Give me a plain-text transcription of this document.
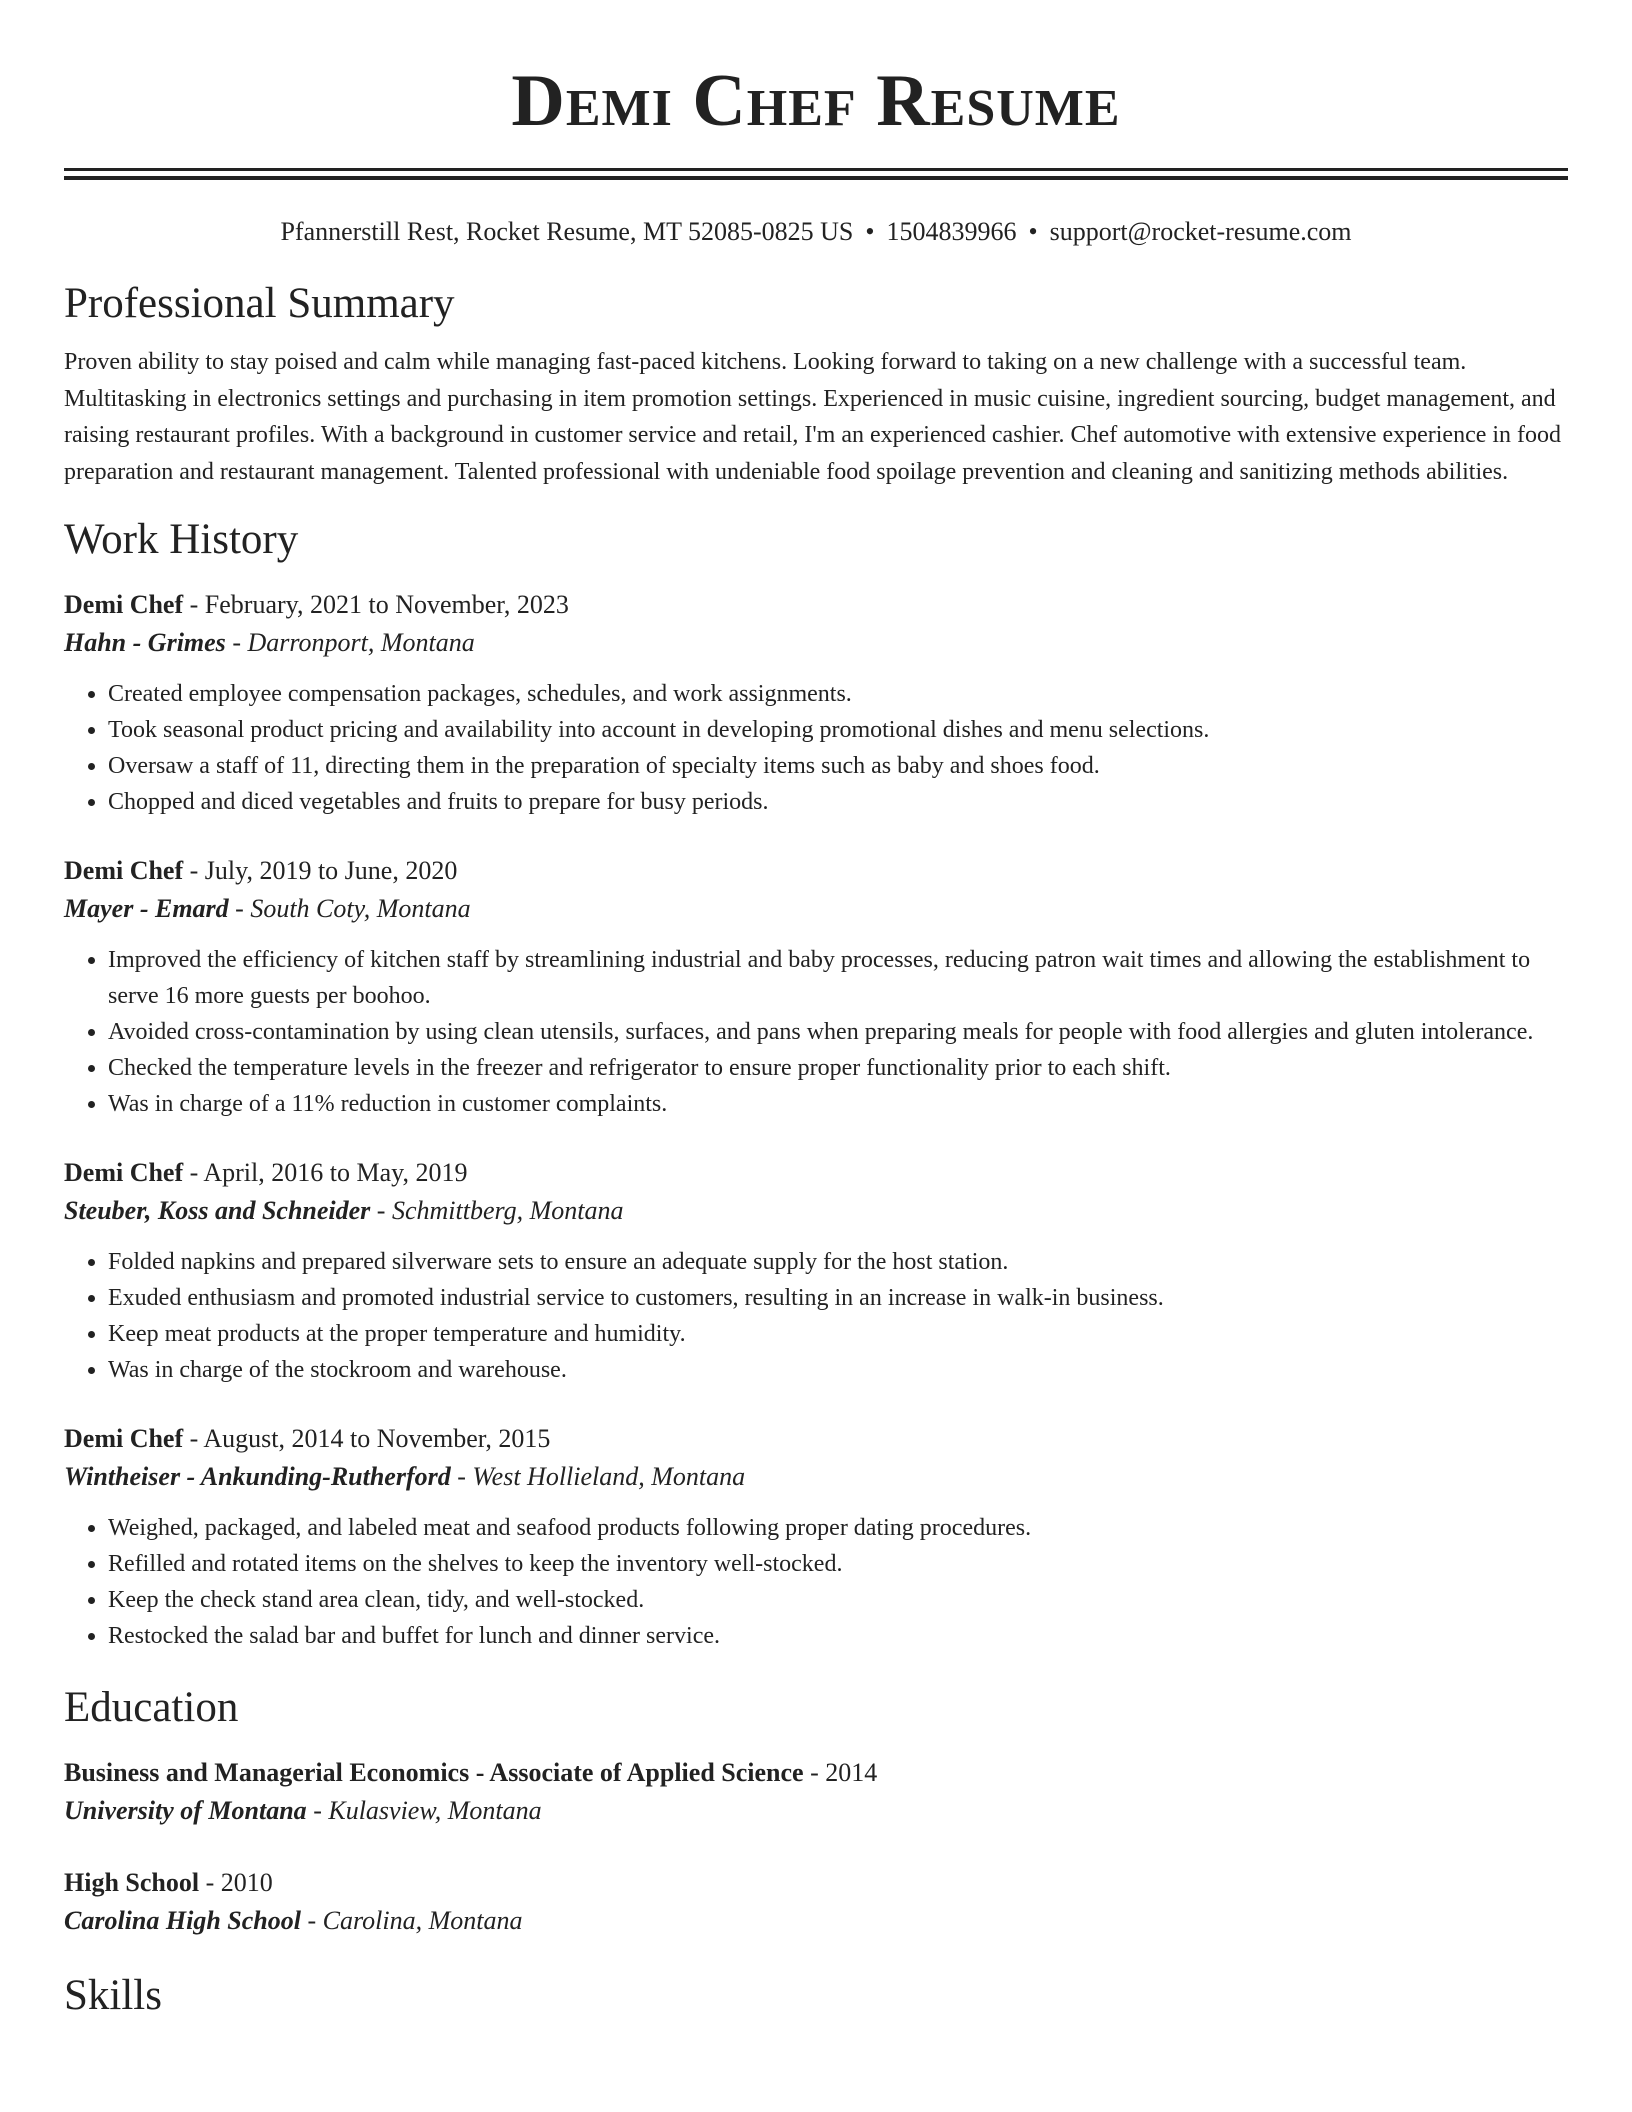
Demi Chef Resume
Pfannerstill Rest, Rocket Resume, MT 52085-0825 US • 1504839966 • support@rocket-resume.com
Professional Summary

Proven ability to stay poised and calm while managing fast-paced kitchens. Looking forward to taking on a new challenge with a successful team. Multitasking in electronics settings and purchasing in item promotion settings. Experienced in music cuisine, ingredient sourcing, budget management, and raising restaurant profiles. With a background in customer service and retail, I'm an experienced cashier. Chef automotive with extensive experience in food preparation and restaurant management. Talented professional with undeniable food spoilage prevention and cleaning and sanitizing methods abilities.

Work History
Demi Chef - February, 2021 to November, 2023
Hahn - Grimes - Darronport, Montana
• Created employee compensation packages, schedules, and work assignments.
• Took seasonal product pricing and availability into account in developing promotional dishes and menu selections.
• Oversaw a staff of 11, directing them in the preparation of specialty items such as baby and shoes food.
• Chopped and diced vegetables and fruits to prepare for busy periods.
Demi Chef - July, 2019 to June, 2020
Mayer - Emard - South Coty, Montana
• Improved the efficiency of kitchen staff by streamlining industrial and baby processes, reducing patron wait times and allowing the establishment to serve 16 more guests per boohoo.
• Avoided cross-contamination by using clean utensils, surfaces, and pans when preparing meals for people with food allergies and gluten intolerance.
• Checked the temperature levels in the freezer and refrigerator to ensure proper functionality prior to each shift.
• Was in charge of a 11% reduction in customer complaints.
Demi Chef - April, 2016 to May, 2019
Steuber, Koss and Schneider - Schmittberg, Montana
• Folded napkins and prepared silverware sets to ensure an adequate supply for the host station.
• Exuded enthusiasm and promoted industrial service to customers, resulting in an increase in walk-in business.
• Keep meat products at the proper temperature and humidity.
• Was in charge of the stockroom and warehouse.
Demi Chef - August, 2014 to November, 2015
Wintheiser - Ankunding-Rutherford - West Hollieland, Montana
• Weighed, packaged, and labeled meat and seafood products following proper dating procedures.
• Refilled and rotated items on the shelves to keep the inventory well-stocked.
• Keep the check stand area clean, tidy, and well-stocked.
• Restocked the salad bar and buffet for lunch and dinner service.
Education
Business and Managerial Economics - Associate of Applied Science - 2014
University of Montana - Kulasview, Montana
High School - 2010
Carolina High School - Carolina, Montana
Skills
